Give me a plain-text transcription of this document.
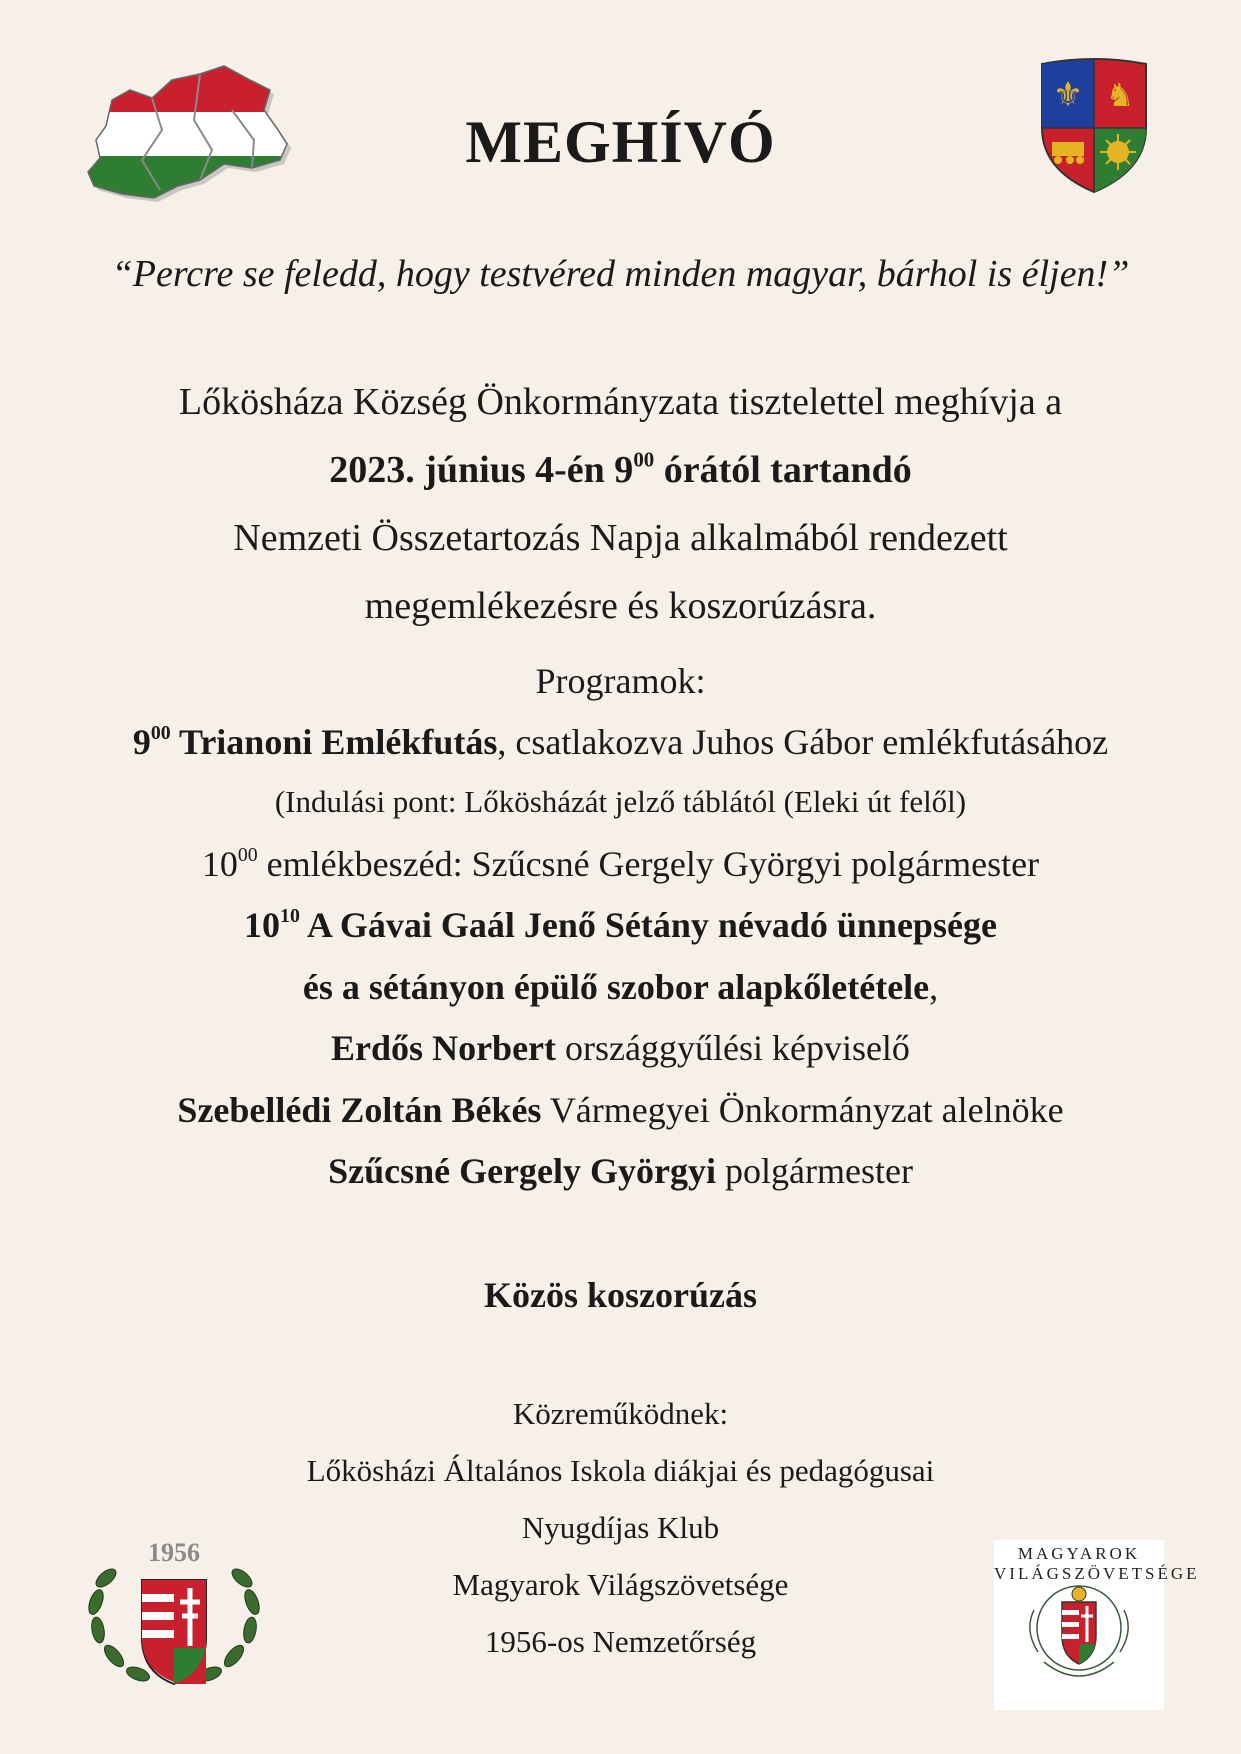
⚜ ♞
MEGHÍVÓ
“Percre se feledd, hogy testvéred minden magyar, bárhol is éljen!”
Lőkösháza Község Önkormányzata tisztelettel meghívja a
2023. június 4-én $9^{00}$ órától tartandó
Nemzeti Összetartozás Napja alkalmából rendezett
megemlékezésre és koszorúzásra.
Programok:
$9^{00}$ Trianoni Emlékfutás, csatlakozva Juhos Gábor emlékfutásához
(Indulási pont: Lőkösházát jelző táblától (Eleki út felől)
$10^{00}$ emlékbeszéd: Szűcsné Gergely Györgyi polgármester
$10^{10}$ A Gávai Gaál Jenő Sétány névadó ünnepsége
és a sétányon épülő szobor alapkőletétele,
Erdős Norbert országgyűlési képviselő
Szebellédi Zoltán Békés Vármegyei Önkormányzat alelnöke
Szűcsné Gergely Györgyi polgármester
Közös koszorúzás
Közreműködnek:
Lőkösházi Általános Iskola diákjai és pedagógusai
Nyugdíjas Klub
Magyarok Világszövetsége
1956-os Nemzetőrség
1956	MAGYAROK VILÁGSZÖVETSÉGE
